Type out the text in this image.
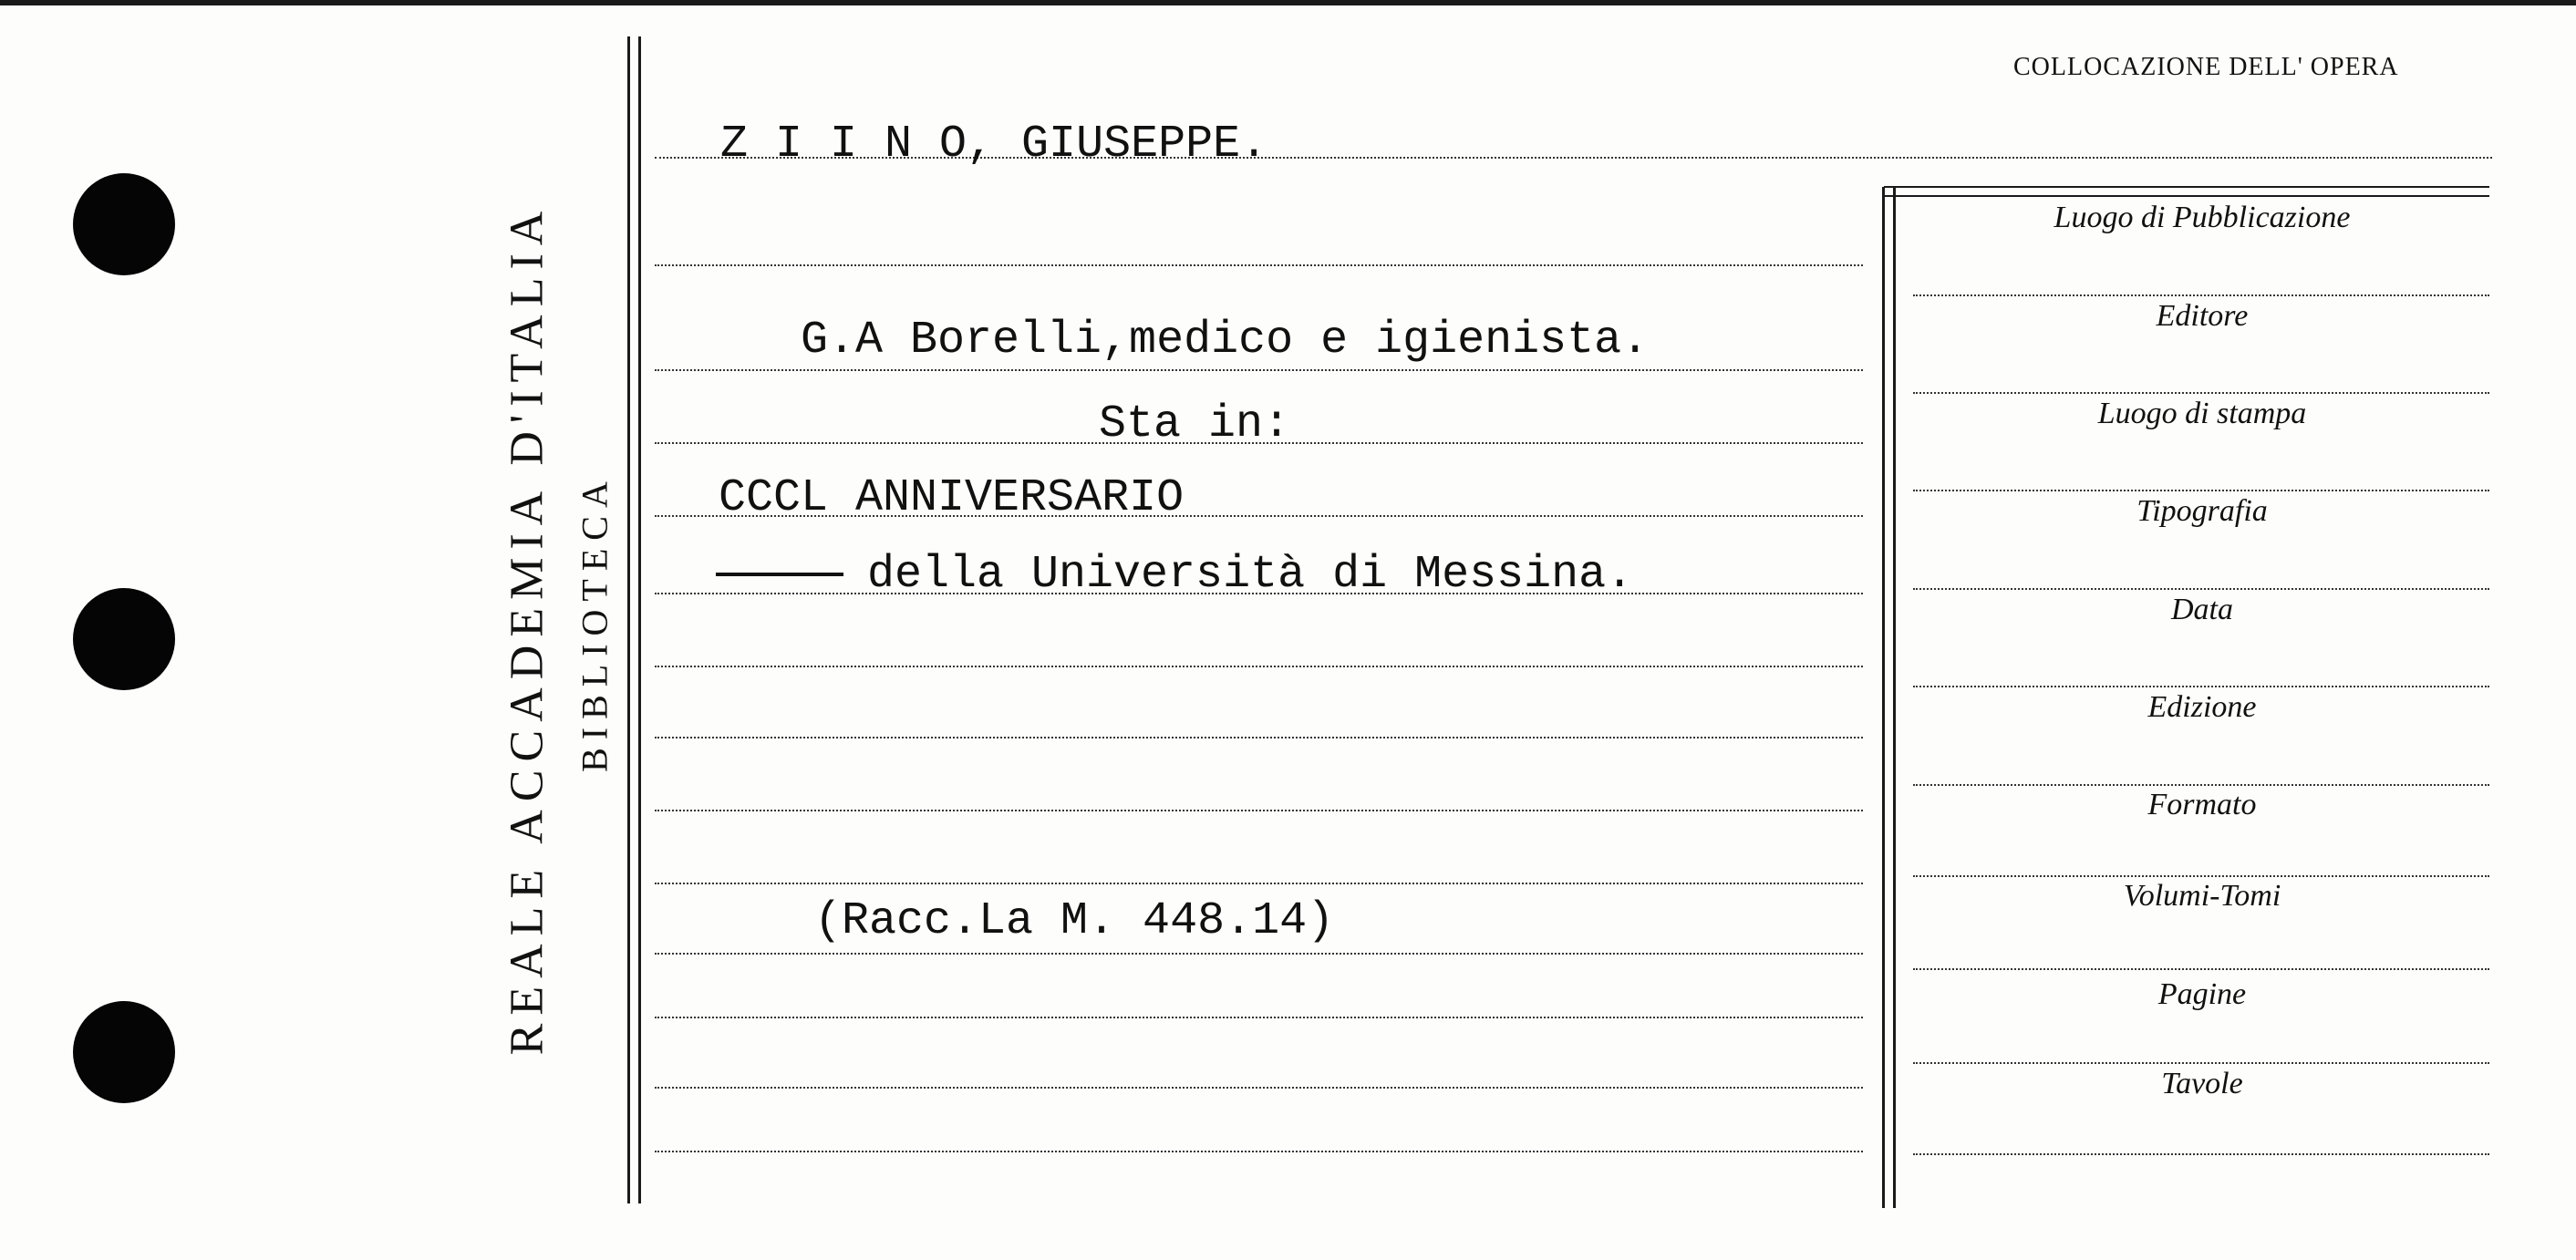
REALE ACCADEMIA D'ITALIA BIBLIOTECA
COLLOCAZIONE DELL' OPERA
Z I I N O, GIUSEPPE.
G.A Borelli,medico e igienista.
Sta in:
CCCL ANNIVERSARIO
della Università di Messina.
(Racc.La M. 448.14)
Luogo di Pubblicazione
Editore
Luogo di stampa
Tipografia
Data
Edizione
Formato
Volumi-Tomi
Pagine
Tavole
